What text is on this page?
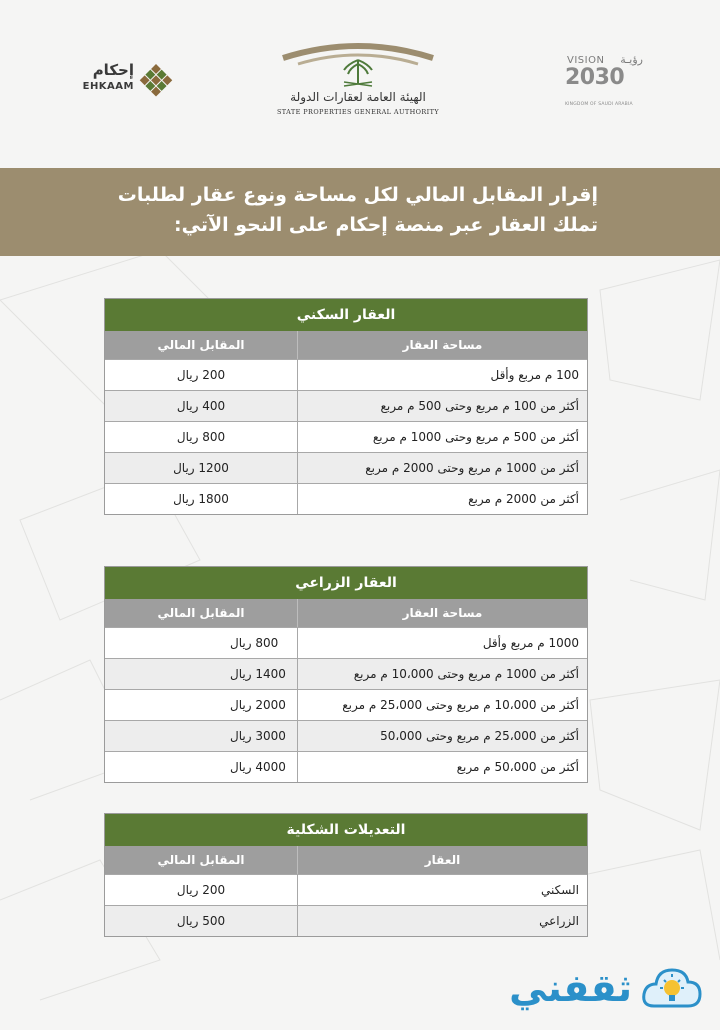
إحكام
EHKAAM
الهيئة العامة لعقارات الدولة
STATE PROPERTIES GENERAL AUTHORITY
VISION رؤيـة
2030
KINGDOM OF SAUDI ARABIA
إقرار المقابل المالي لكل مساحة ونوع عقار لطلبات
تملك العقار عبر منصة إحكام على النحو الآتي:
العقار السكني
مساحة العقار
المقابل المالي
100 م مربع وأقل
200 ريال
أكثر من 100 م مربع وحتى 500 م مربع
400 ريال
أكثر من 500 م مربع وحتى 1000 م مربع
800 ريال
أكثر من 1000 م مربع وحتى 2000 م مربع
1200 ريال
أكثر من 2000 م مربع
1800 ريال
العقار الزراعي
مساحة العقار
المقابل المالي
1000 م مربع وأقل
800 ريال
أكثر من 1000 م مربع وحتى 10،000 م مربع
1400 ريال
أكثر من 10،000 م مربع وحتى 25،000 م مربع
2000 ريال
أكثر من 25،000 م مربع وحتى 50،000
3000 ريال
أكثر من 50،000 م مربع
4000 ريال
التعديلات الشكلية
العقار
المقابل المالي
السكني
200 ريال
الزراعي
500 ريال
ثقفني
